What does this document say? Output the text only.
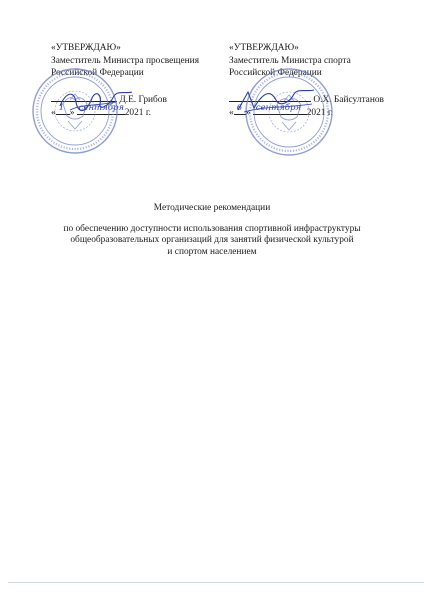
«УТВЕРЖДАЮ»
Заместитель Министра просвещения
Российской Федерации
Д.Е. Грибов
« 1 » сентября 2021 г.
«УТВЕРЖДАЮ»
Заместитель Министра спорта
Российской Федерации
О.Х. Байсултанов
« 6 » сентября 2021 г.
Методические рекомендации
по обеспечению доступности использования спортивной инфраструктуры
общеобразовательных организаций для занятий физической культурой
и спортом населением
